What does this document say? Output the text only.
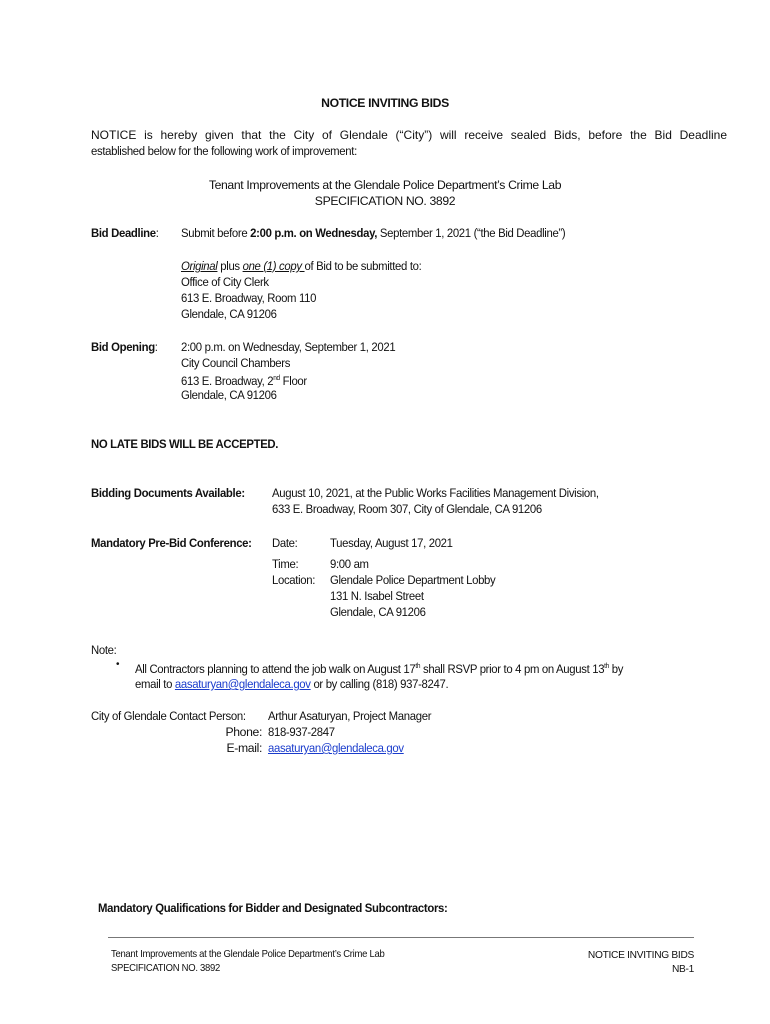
NOTICE INVITING BIDS
NOTICE is hereby given that the City of Glendale (“City”) will receive sealed Bids, before the Bid Deadline
established below for the following work of improvement:
Tenant Improvements at the Glendale Police Department’s Crime Lab
SPECIFICATION NO. 3892
Bid Deadline: Submit before 2:00 p.m. on Wednesday, September 1, 2021 (“the Bid Deadline”)
Original plus one (1) copy of Bid to be submitted to:
Office of City Clerk
613 E. Broadway, Room 110
Glendale, CA 91206
Bid Opening: 2:00 p.m. on Wednesday, September 1, 2021
City Council Chambers
613 E. Broadway, 2nd Floor
Glendale, CA 91206
NO LATE BIDS WILL BE ACCEPTED.
Bidding Documents Available: August 10, 2021, at the Public Works Facilities Management Division,
633 E. Broadway, Room 307, City of Glendale, CA 91206
Mandatory Pre-Bid Conference: Date:	Tuesday, August 17, 2021
Time:	9:00 am
Location: Glendale Police Department Lobby
131 N. Isabel Street
Glendale, CA 91206
Note:
• All Contractors planning to attend the job walk on August 17th shall RSVP prior to 4 pm on August 13th by
email to aasaturyan@glendaleca.gov or by calling (818) 937-8247.
City of Glendale Contact Person: Arthur Asaturyan, Project Manager
Phone: 818-937-2847
E-mail: aasaturyan@glendaleca.gov
Mandatory Qualifications for Bidder and Designated Subcontractors:
Tenant Improvements at the Glendale Police Department’s Crime Lab
SPECIFICATION NO. 3892
NOTICE INVITING BIDS
NB-1
